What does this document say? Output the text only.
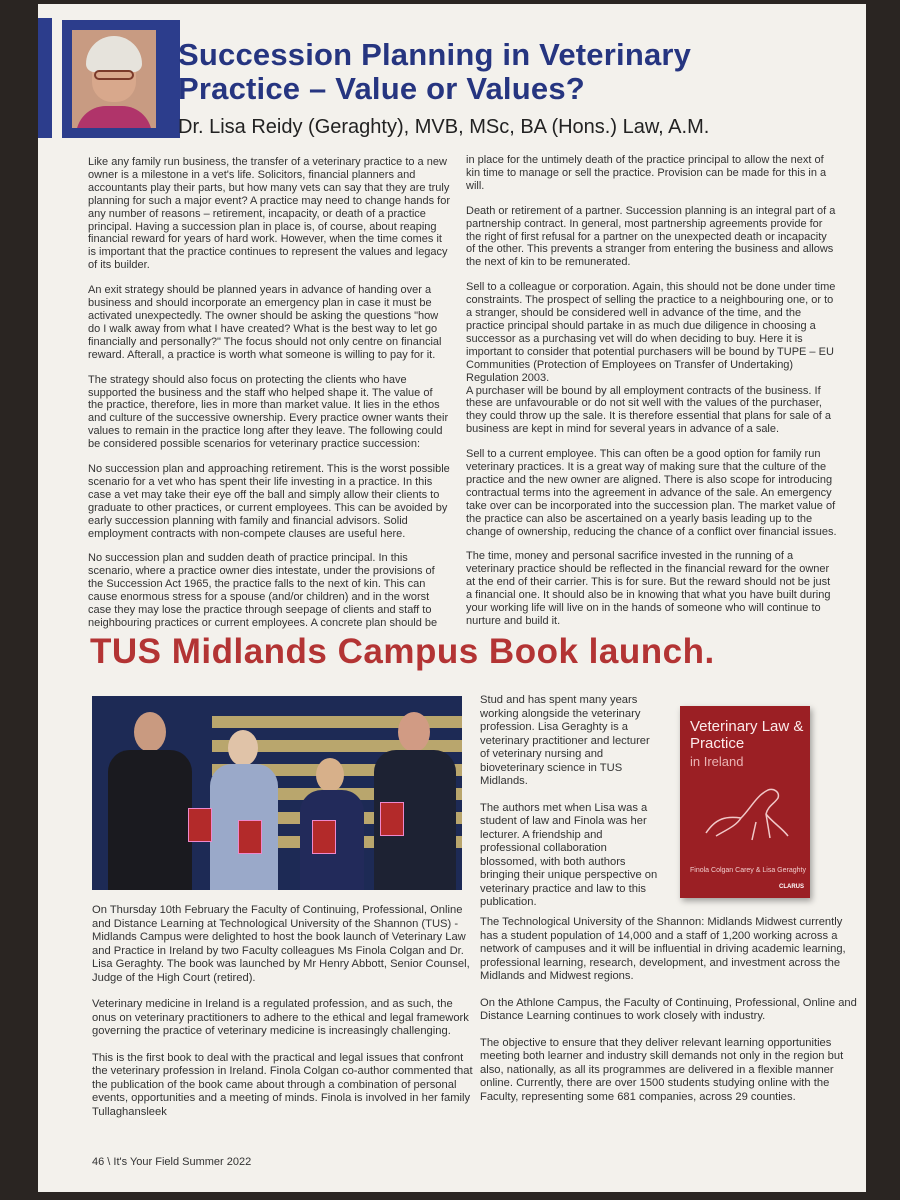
Succession Planning in Veterinary Practice – Value or Values?
Dr. Lisa Reidy (Geraghty), MVB, MSc, BA (Hons.) Law, A.M.

Like any family run business, the transfer of a veterinary practice to a new owner is a milestone in a vet's life. Solicitors, financial planners and accountants play their parts, but how many vets can say that they are truly planning for such a major event? A practice may need to change hands for any number of reasons – retirement, incapacity, or death of a practice principal. Having a succession plan in place is, of course, about reaping financial reward for years of hard work. However, when the time comes it is important that the practice continues to represent the values and legacy of its builder.

An exit strategy should be planned years in advance of handing over a business and should incorporate an emergency plan in case it must be activated unexpectedly. The owner should be asking the questions "how do I walk away from what I have created? What is the best way to let go financially and personally?" The focus should not only centre on financial reward. Afterall, a practice is worth what someone is willing to pay for it.

The strategy should also focus on protecting the clients who have supported the business and the staff who helped shape it. The value of the practice, therefore, lies in more than market value. It lies in the ethos and culture of the successive ownership. Every practice owner wants their values to remain in the practice long after they leave. The following could be considered possible scenarios for veterinary practice succession:

No succession plan and approaching retirement. This is the worst possible scenario for a vet who has spent their life investing in a practice. In this case a vet may take their eye off the ball and simply allow their clients to graduate to other practices, or current employees. This can be avoided by early succession planning with family and financial advisors. Solid employment contracts with non-compete clauses are useful here.

No succession plan and sudden death of practice principal. In this scenario, where a practice owner dies intestate, under the provisions of the Succession Act 1965, the practice falls to the next of kin. This can cause enormous stress for a spouse (and/or children) and in the worst case they may lose the practice through seepage of clients and staff to neighbouring practices or current employees. A concrete plan should be

in place for the untimely death of the practice principal to allow the next of kin time to manage or sell the practice. Provision can be made for this in a will.

Death or retirement of a partner. Succession planning is an integral part of a partnership contract. In general, most partnership agreements provide for the right of first refusal for a partner on the unexpected death or incapacity of the other. This prevents a stranger from entering the business and allows the next of kin to be remunerated.

Sell to a colleague or corporation. Again, this should not be done under time constraints. The prospect of selling the practice to a neighbouring one, or to a stranger, should be considered well in advance of the time, and the practice principal should partake in as much due diligence in choosing a successor as a purchasing vet will do when deciding to buy. Here it is important to consider that potential purchasers will be bound by TUPE – EU Communities (Protection of Employees on Transfer of Undertaking) Regulation 2003.
A purchaser will be bound by all employment contracts of the business. If these are unfavourable or do not sit well with the values of the purchaser, they could throw up the sale. It is therefore essential that plans for sale of a business are kept in mind for several years in advance of a sale.

Sell to a current employee. This can often be a good option for family run veterinary practices. It is a great way of making sure that the culture of the practice and the new owner are aligned. There is also scope for introducing contractual terms into the agreement in advance of the sale. An emergency take over can be incorporated into the succession plan. The market value of the practice can also be ascertained on a yearly basis leading up to the change of ownership, reducing the chance of a conflict over financial issues.

The time, money and personal sacrifice invested in the running of a veterinary practice should be reflected in the financial reward for the owner at the end of their carrier. This is for sure. But the reward should not be just a financial one. It should also be in knowing that what you have built during your working life will live on in the hands of someone who will continue to nurture and build it.

TUS Midlands Campus Book launch.

On Thursday 10th February the Faculty of Continuing, Professional, Online and Distance Learning at Technological University of the Shannon (TUS) - Midlands Campus were delighted to host the book launch of Veterinary Law and Practice in Ireland by two Faculty colleagues Ms Finola Colgan and Dr. Lisa Geraghty. The book was launched by Mr Henry Abbott, Senior Counsel, Judge of the High Court (retired).

Veterinary medicine in Ireland is a regulated profession, and as such, the onus on veterinary practitioners to adhere to the ethical and legal framework governing the practice of veterinary medicine is increasingly challenging.

This is the first book to deal with the practical and legal issues that confront the veterinary profession in Ireland. Finola Colgan co-author commented that the publication of the book came about through a combination of personal events, opportunities and a meeting of minds. Finola is involved in her family Tullaghansleek

Stud and has spent many years working alongside the veterinary profession. Lisa Geraghty is a veterinary practitioner and lecturer of veterinary nursing and bioveterinary science in TUS Midlands.

The authors met when Lisa was a student of law and Finola was her lecturer. A friendship and professional collaboration blossomed, with both authors bringing their unique perspective on veterinary practice and law to this publication.

Veterinary Law & Practice
in Ireland
Finola Colgan Carey & Lisa Geraghty
CLARUS

The Technological University of the Shannon: Midlands Midwest currently has a student population of 14,000 and a staff of 1,200 working across a network of campuses and it will be influential in driving academic learning, professional learning, research, development, and investment across the Midlands and Midwest regions.

On the Athlone Campus, the Faculty of Continuing, Professional, Online and Distance Learning continues to work closely with industry.

The objective to ensure that they deliver relevant learning opportunities meeting both learner and industry skill demands not only in the region but also, nationally, as all its programmes are delivered in a flexible manner online. Currently, there are over 1500 students studying online with the Faculty, representing some 681 companies, across 29 counties.

46 \ It's Your Field Summer 2022
